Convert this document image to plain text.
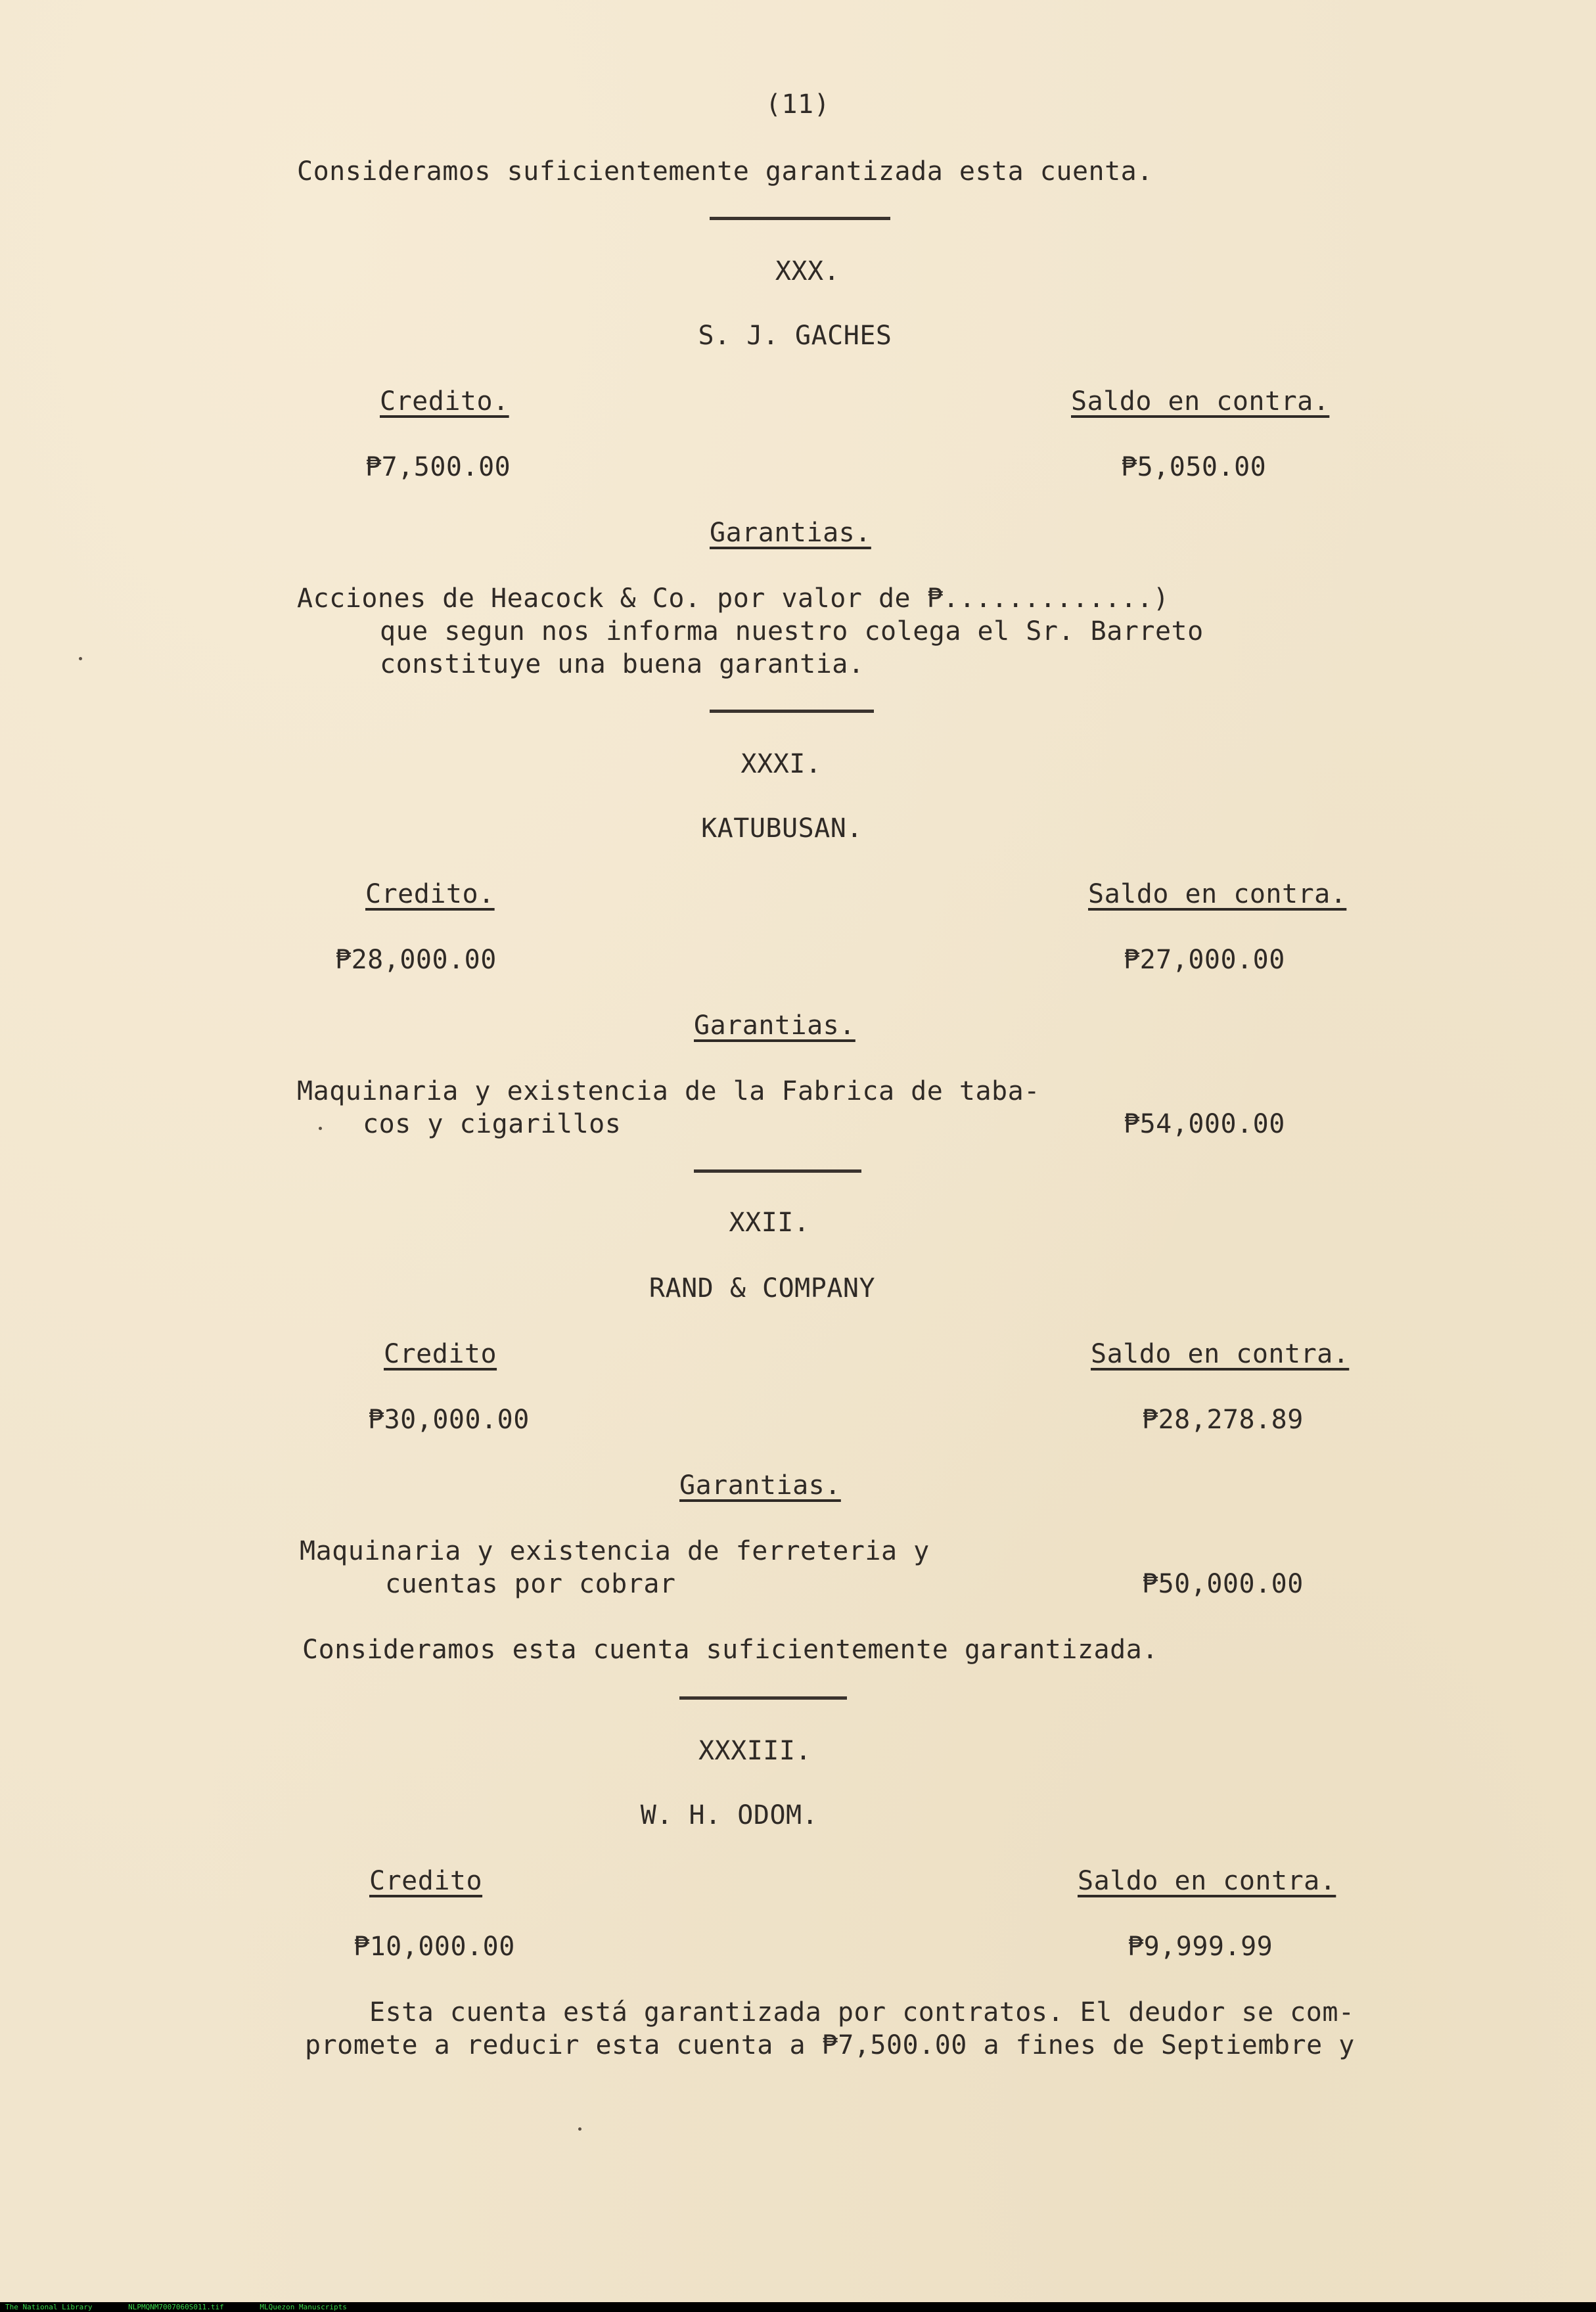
(11)
Consideramos suficientemente garantizada esta cuenta.
XXX.
S. J. GACHES
Credito.	Saldo en contra.
₱7,500.00	₱5,050.00
Garantias.
Acciones de Heacock & Co. por valor de ₱.............)
que segun nos informa nuestro colega el Sr. Barreto
constituye una buena garantia.
XXXI.
KATUBUSAN.
Credito.	Saldo en contra.
₱28,000.00	₱27,000.00
Garantias.
Maquinaria y existencia de la Fabrica de taba-
cos y cigarillos	₱54,000.00
XXII.
RAND & COMPANY
Credito	Saldo en contra.
₱30,000.00	₱28,278.89
Garantias.
Maquinaria y existencia de ferreteria y
cuentas por cobrar	₱50,000.00
Consideramos esta cuenta suficientemente garantizada.
XXXIII.
W. H. ODOM.
Credito	Saldo en contra.
₱10,000.00	₱9,999.99
Esta cuenta está garantizada por contratos. El deudor se com-
promete a reducir esta cuenta a ₱7,500.00 a fines de Septiembre y
The National Library	NLPMQNM7007060S011.tif	MLQuezon Manuscripts
